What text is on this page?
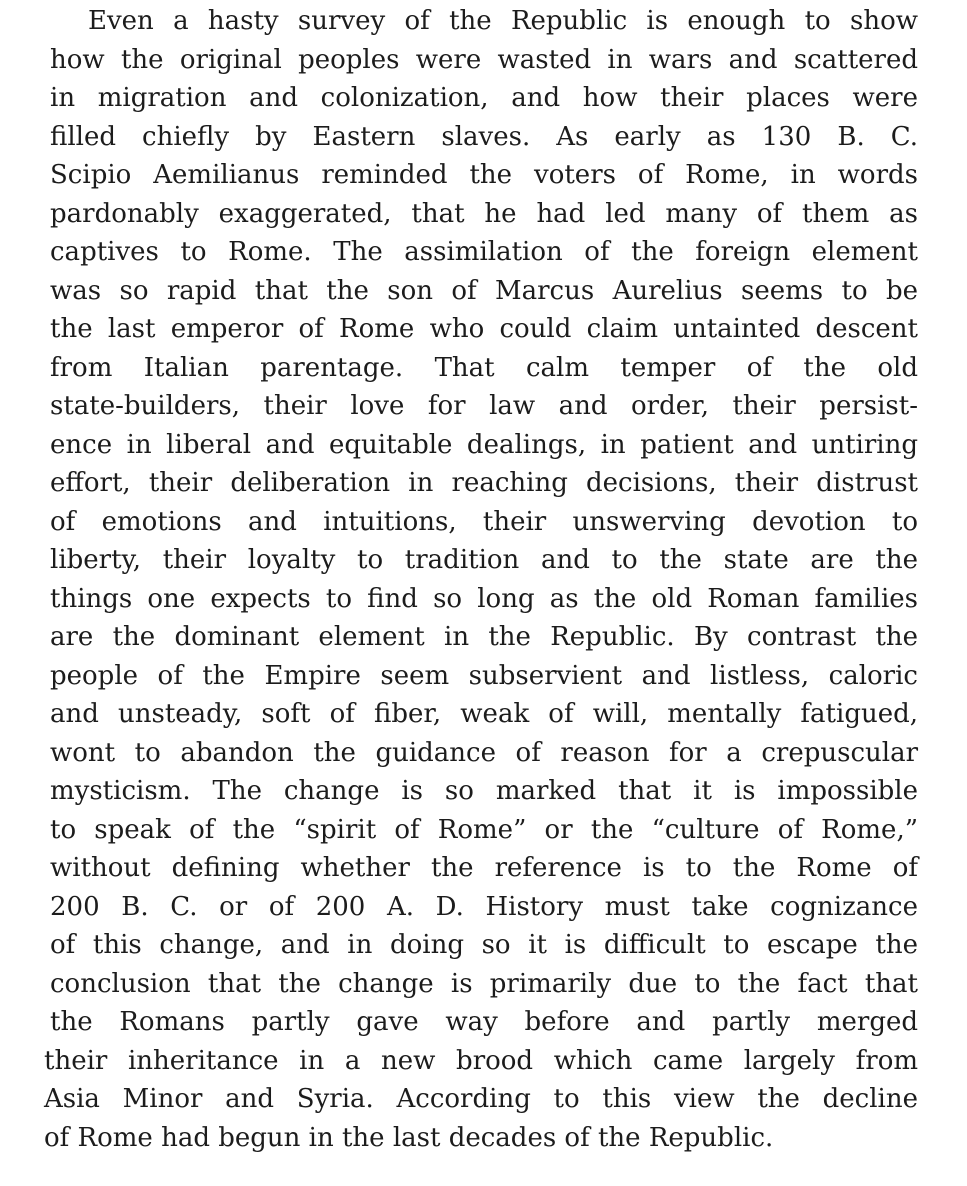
Even a hasty survey of the Republic is enough to show
how the original peoples were wasted in wars and scattered
in migration and colonization, and how their places were
filled chiefly by Eastern slaves. As early as 130 B. C.
Scipio Aemilianus reminded the voters of Rome, in words
pardonably exaggerated, that he had led many of them as
captives to Rome. The assimilation of the foreign element
was so rapid that the son of Marcus Aurelius seems to be
the last emperor of Rome who could claim untainted descent
from Italian parentage. That calm temper of the old
state-builders, their love for law and order, their persist-
ence in liberal and equitable dealings, in patient and untiring
effort, their deliberation in reaching decisions, their distrust
of emotions and intuitions, their unswerving devotion to
liberty, their loyalty to tradition and to the state are the
things one expects to find so long as the old Roman families
are the dominant element in the Republic. By contrast the
people of the Empire seem subservient and listless, caloric
and unsteady, soft of fiber, weak of will, mentally fatigued,
wont to abandon the guidance of reason for a crepuscular
mysticism. The change is so marked that it is impossible
to speak of the “spirit of Rome” or the “culture of Rome,”
without defining whether the reference is to the Rome of
200 B. C. or of 200 A. D. History must take cognizance
of this change, and in doing so it is difficult to escape the
conclusion that the change is primarily due to the fact that
the Romans partly gave way before and partly merged
their inheritance in a new brood which came largely from
Asia Minor and Syria. According to this view the decline
of Rome had begun in the last decades of the Republic.
